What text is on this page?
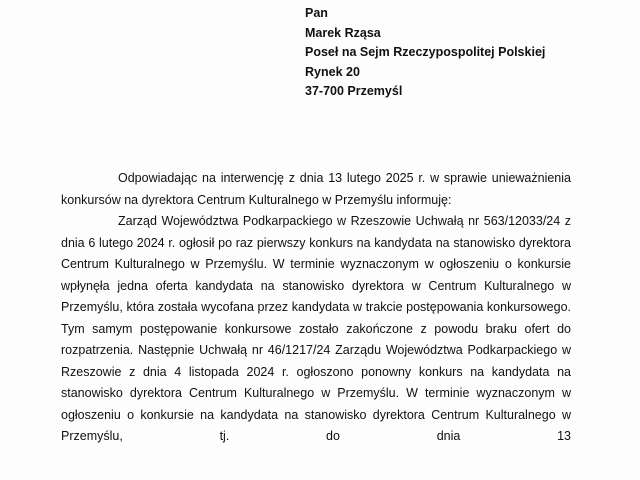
Pan
Marek Rząsa
Poseł na Sejm Rzeczypospolitej Polskiej
Rynek 20
37-700 Przemyśl

Odpowiadając na interwencję z dnia 13 lutego 2025 r. w sprawie unieważnienia konkursów na dyrektora Centrum Kulturalnego w Przemyślu informuję:

Zarząd Województwa Podkarpackiego w Rzeszowie Uchwałą nr 563/12033/24 z dnia 6 lutego 2024 r. ogłosił po raz pierwszy konkurs na kandydata na stanowisko dyrektora Centrum Kulturalnego w Przemyślu. W terminie wyznaczonym w ogłoszeniu o konkursie wpłynęła jedna oferta kandydata na stanowisko dyrektora w Centrum Kulturalnego w Przemyślu, która została wycofana przez kandydata w trakcie postępowania konkursowego. Tym samym postępowanie konkursowe zostało zakończone z powodu braku ofert do rozpatrzenia. Następnie Uchwałą nr 46/1217/24 Zarządu Województwa Podkarpackiego w Rzeszowie z dnia 4 listopada 2024 r. ogłoszono ponowny konkurs na kandydata na stanowisko dyrektora Centrum Kulturalnego w Przemyślu. W terminie wyznaczonym w ogłoszeniu o konkursie na kandydata na stanowisko dyrektora Centrum Kulturalnego w Przemyślu, tj. do dnia 13
